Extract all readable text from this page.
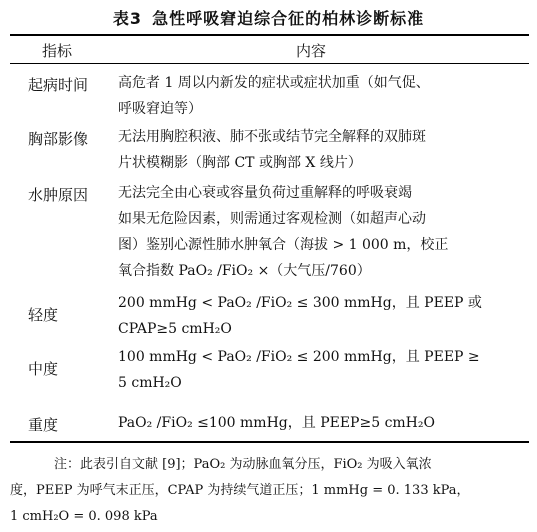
表3 急性呼吸窘迫综合征的柏林诊断标准
指标	内容
起病时间 高危者 1 周以内新发的症状或症状加重（如气促、
呼吸窘迫等）
胸部影像 无法用胸腔积液、肺不张或结节完全解释的双肺斑
片状模糊影（胸部 CT 或胸部 X 线片）
水肿原因 无法完全由心衰或容量负荷过重解释的呼吸衰竭
如果无危险因素，则需通过客观检测（如超声心动
图）鉴别心源性肺水肿氧合（海拔 > 1 000 m，校正
氧合指数 PaO₂ /FiO₂ ×（大气压/760）
轻度
200 mmHg < PaO₂ /FiO₂ ≤ 300 mmHg，且 PEEP 或
CPAP≥5 cmH₂O
中度
100 mmHg < PaO₂ /FiO₂ ≤ 200 mmHg，且 PEEP ≥
5 cmH₂O
重度	PaO₂ /FiO₂ ≤100 mmHg，且 PEEP≥5 cmH₂O
注：此表引自文献 [9]；PaO₂ 为动脉血氧分压，FiO₂ 为吸入氧浓
度，PEEP 为呼气末正压，CPAP 为持续气道正压；1 mmHg = 0. 133 kPa，
1 cmH₂O = 0. 098 kPa
